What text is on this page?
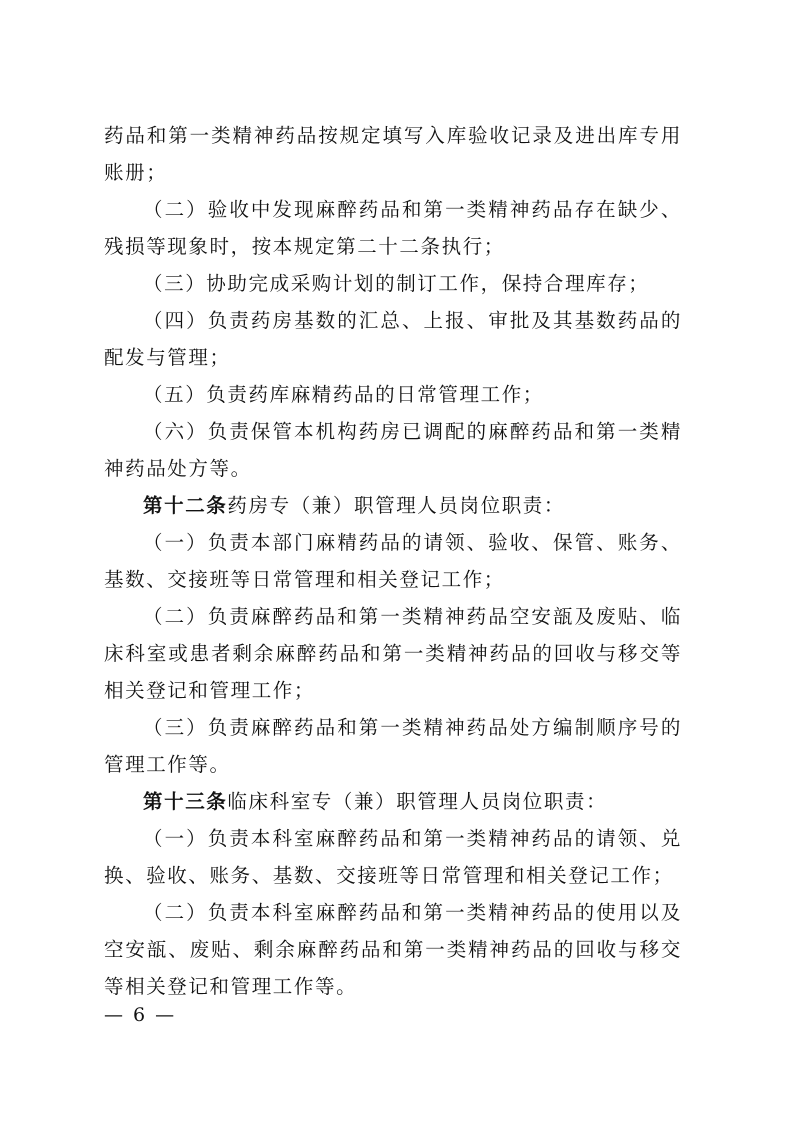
药品和第一类精神药品按规定填写入库验收记录及进出库专用账册；

（二）验收中发现麻醉药品和第一类精神药品存在缺少、残损等现象时，按本规定第二十二条执行；

（三）协助完成采购计划的制订工作，保持合理库存；

（四）负责药房基数的汇总、上报、审批及其基数药品的配发与管理；

（五）负责药库麻精药品的日常管理工作；

（六）负责保管本机构药房已调配的麻醉药品和第一类精神药品处方等。

第十二条药房专（兼）职管理人员岗位职责：

（一）负责本部门麻精药品的请领、验收、保管、账务、基数、交接班等日常管理和相关登记工作；

（二）负责麻醉药品和第一类精神药品空安瓿及废贴、临床科室或患者剩余麻醉药品和第一类精神药品的回收与移交等相关登记和管理工作；

（三）负责麻醉药品和第一类精神药品处方编制顺序号的管理工作等。

第十三条临床科室专（兼）职管理人员岗位职责：

（一）负责本科室麻醉药品和第一类精神药品的请领、兑换、验收、账务、基数、交接班等日常管理和相关登记工作；

（二）负责本科室麻醉药品和第一类精神药品的使用以及空安瓿、废贴、剩余麻醉药品和第一类精神药品的回收与移交等相关登记和管理工作等。

— 6 —
